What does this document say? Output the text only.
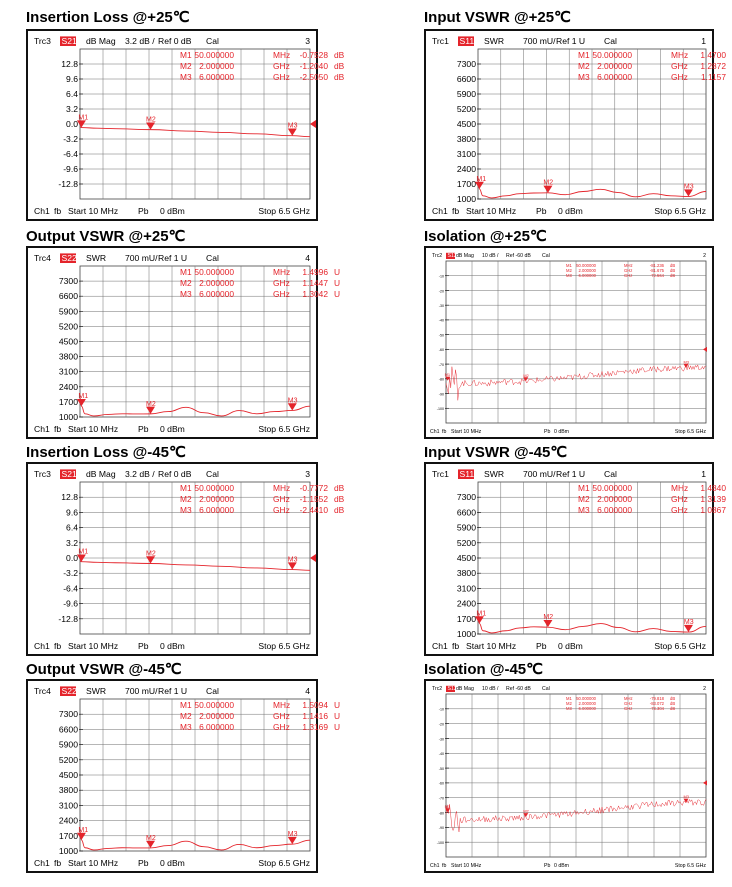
Insertion Loss @+25℃
Trc3 S21 dB Mag 3.2 dB / Ref 0 dB Cal	3
12.8
9.6
6.4
3.2
0.0
-3.2
-6.4
-9.6
-12.8
M1	M2
M3
M1 50.000000	MHz -0.7528 dB
M2 2.000000	GHz -1.2040 dB
M3 6.000000	GHz -2.5050 dB
Ch1 fb Start 10 MHz Pb 0 dBm	Stop 6.5 GHz
Input VSWR @+25℃
Trc1 S11 SWR 700 mU/ Ref 1 U Cal	1
7300
6600
5900
5200
4500
3800
3100
2400
1700
1000
M1
M2
M3
M1 50.000000	MHz 1.4700
M2 2.000000	GHz 1.2872
M3 6.000000	GHz 1.1157
Ch1 fb Start 10 MHz Pb 0 dBm	Stop 6.5 GHz
Output VSWR @+25℃
Trc4 S22 SWR 700 mU/ Ref 1 U Cal	4
7300
6600
5900
5200
4500
3800
3100
2400
1700
1000
M1
M2	M3
M1 50.000000	MHz 1.4996 U
M2 2.000000	GHz 1.1447 U
M3 6.000000	GHz 1.3042 U
Ch1 fb Start 10 MHz Pb 0 dBm	Stop 6.5 GHz
Isolation @+25℃
Trc2 S12 dB Mag 10 dB / Ref -60 dB Cal	2
-10
-20
-30
-40
-50
-60
-70
-80
-90
-100
M1	M2
M3
M1 50.000000	MHz	-81.236 dB
M2 2.000000	GHz	-81.675 dB
M3 6.000000	GHz	-72.564 dB
Ch1 fb Start 10 MHz	Pb 0 dBm	Stop 6.5 GHz
Insertion Loss @-45℃
Trc3 S21 dB Mag 3.2 dB / Ref 0 dB Cal	3
12.8
9.6
6.4
3.2
0.0
-3.2
-6.4
-9.6
-12.8
M1	M2
M3
M1 50.000000	MHz -0.7772 dB
M2 2.000000	GHz -1.1552 dB
M3 6.000000	GHz -2.4410 dB
Ch1 fb Start 10 MHz Pb 0 dBm	Stop 6.5 GHz
Input VSWR @-45℃
Trc1 S11 SWR 700 mU/ Ref 1 U Cal	1
7300
6600
5900
5200
4500
3800
3100
2400
1700
1000
M1
M2
M3
M1 50.000000	MHz 1.4840
M2 2.000000	GHz 1.3139
M3 6.000000	GHz 1.0867
Ch1 fb Start 10 MHz Pb 0 dBm	Stop 6.5 GHz
Output VSWR @-45℃
Trc4 S22 SWR 700 mU/ Ref 1 U Cal	4
7300
6600
5900
5200
4500
3800
3100
2400
1700
1000
M1
M2
M3
M1 50.000000	MHz 1.5094 U
M2 2.000000	GHz 1.1416 U
M3 6.000000	GHz 1.3169 U
Ch1 fb Start 10 MHz Pb 0 dBm	Stop 6.5 GHz
Isolation @-45℃
Trc2 S12 dB Mag 10 dB / Ref -60 dB Cal	2
-10
-20
-30
-40
-50
-60
-70
-80
-90
-100
M1
M2
M3
M1 50.000000	MHz	-79.818 dB
M2 2.000000	GHz	-83.072 dB
M3 6.000000	GHz	-73.304 dB
Ch1 fb Start 10 MHz	Pb 0 dBm	Stop 6.5 GHz
